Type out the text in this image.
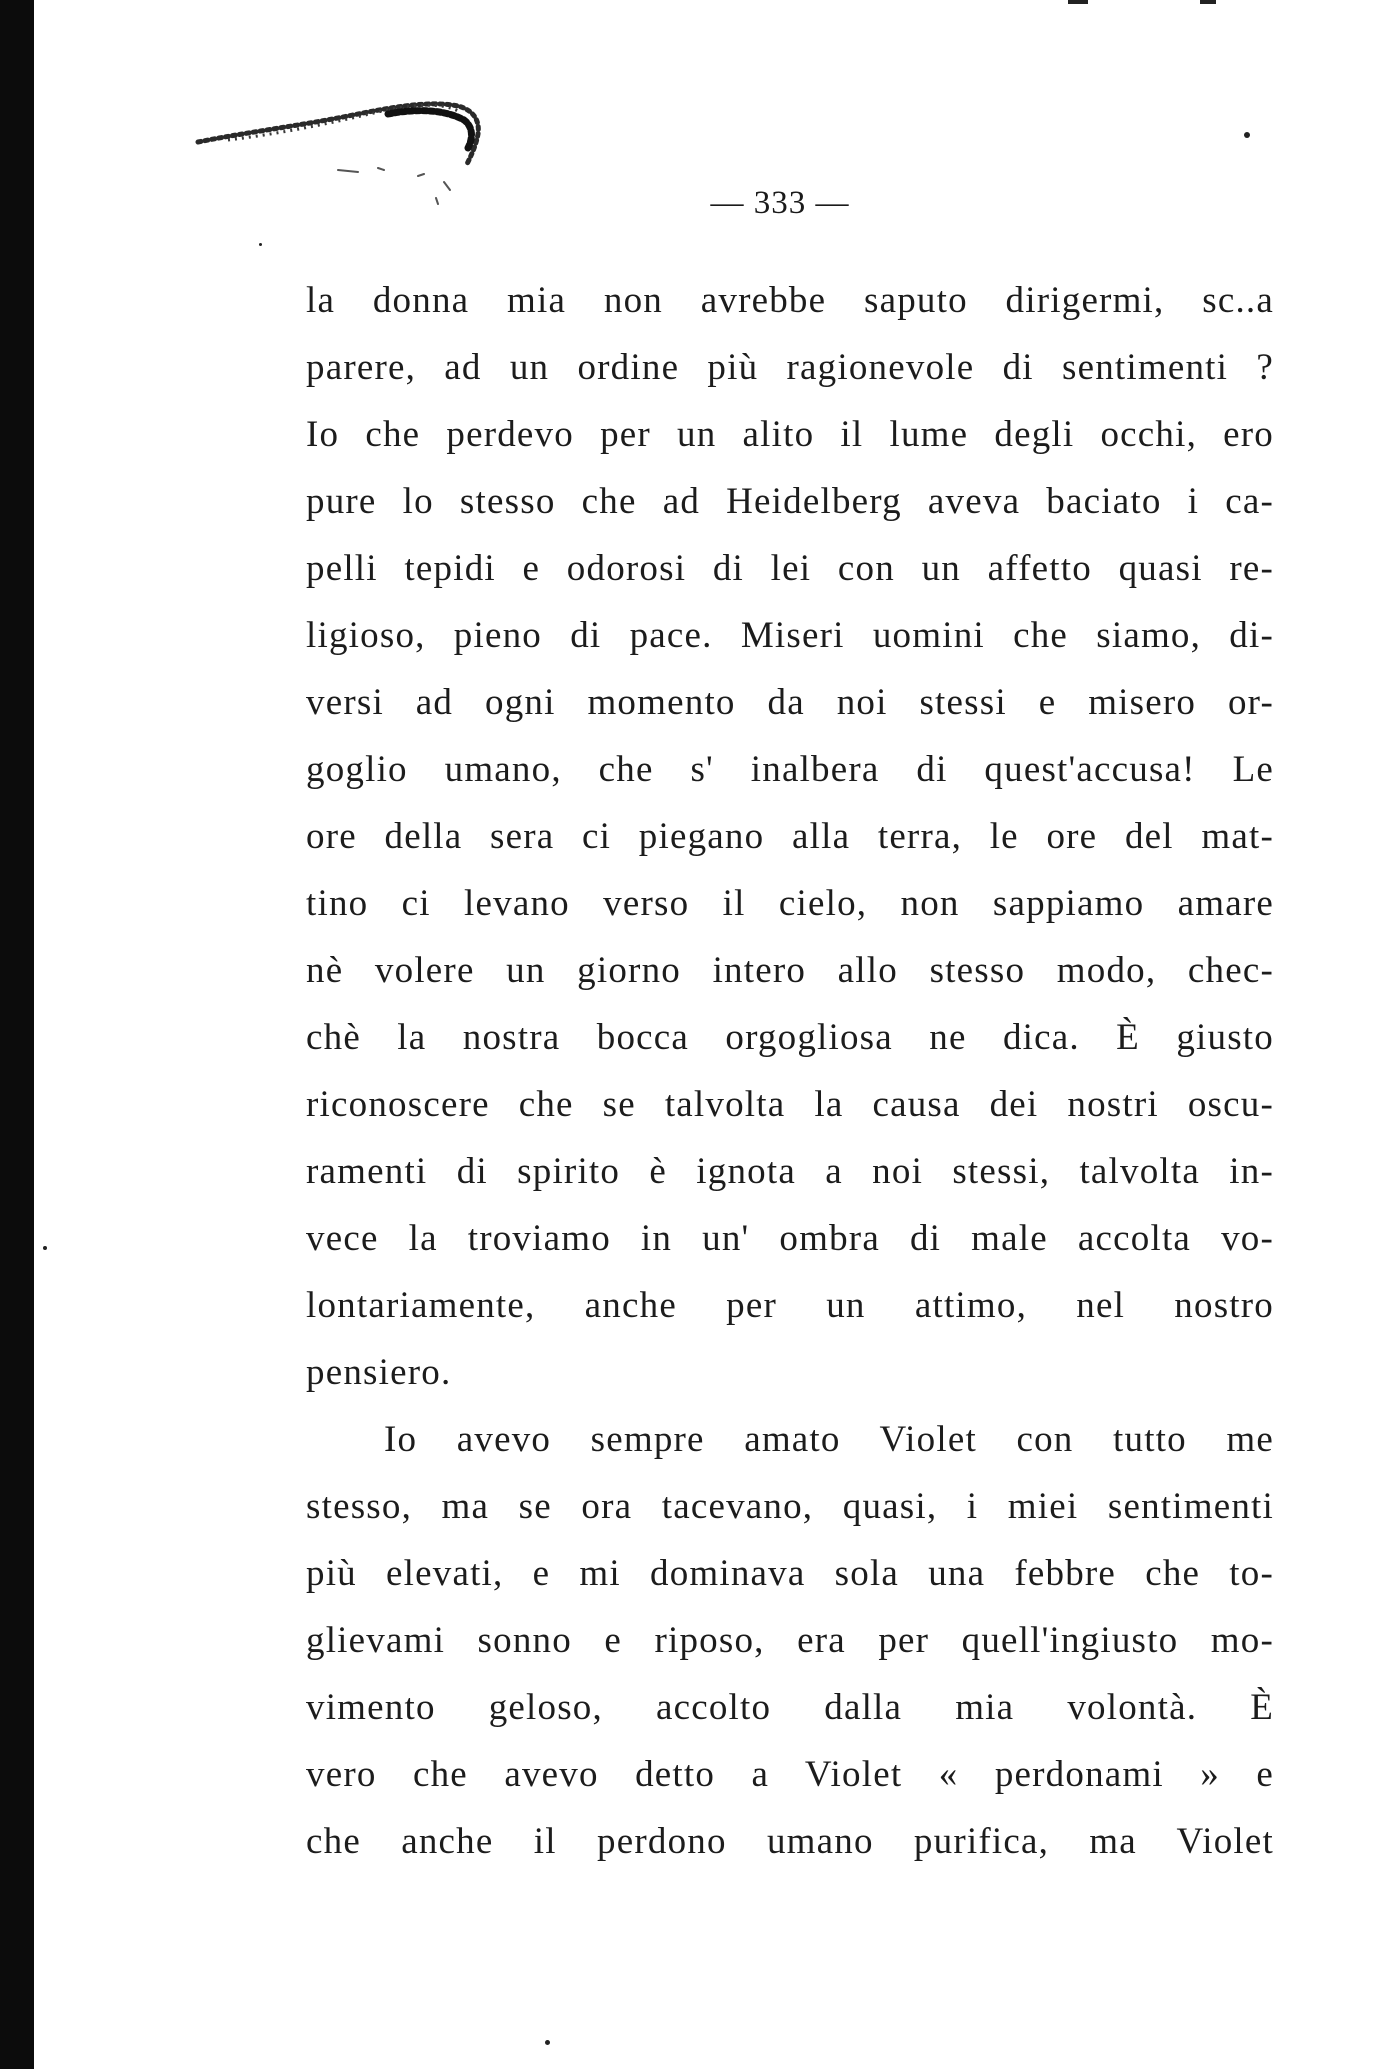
— 333 —
la donna mia non avrebbe saputo dirigermi, sc​..a
parere, ad un ordine più ragionevole di sentimenti ?
Io che perdevo per un alito il lume degli occhi, ero
pure lo stesso che ad Heidelberg aveva baciato i ca-
pelli tepidi e odorosi di lei con un affetto quasi re-
ligioso, pieno di pace. Miseri uomini che siamo, di-
versi ad ogni momento da noi stessi e misero or-
goglio umano, che s' inalbera di quest'accusa! Le
ore della sera ci piegano alla terra, le ore del mat-
tino ci levano verso il cielo, non sappiamo amare
nè volere un giorno intero allo stesso modo, chec-
chè la nostra bocca orgogliosa ne dica. È giusto
riconoscere che se talvolta la causa dei nostri oscu-
ramenti di spirito è ignota a noi stessi, talvolta in-
vece la troviamo in un' ombra di male accolta vo-
lontariamente, anche per un attimo, nel nostro
pensiero.
Io avevo sempre amato Violet con tutto me
stesso, ma se ora tacevano, quasi, i miei sentimenti
più elevati, e mi dominava sola una febbre che to-
glievami sonno e riposo, era per quell'ingiusto mo-
vimento geloso, accolto dalla mia volontà. È
vero che avevo detto a Violet « perdonami » e
che anche il perdono umano purifica, ma Violet
